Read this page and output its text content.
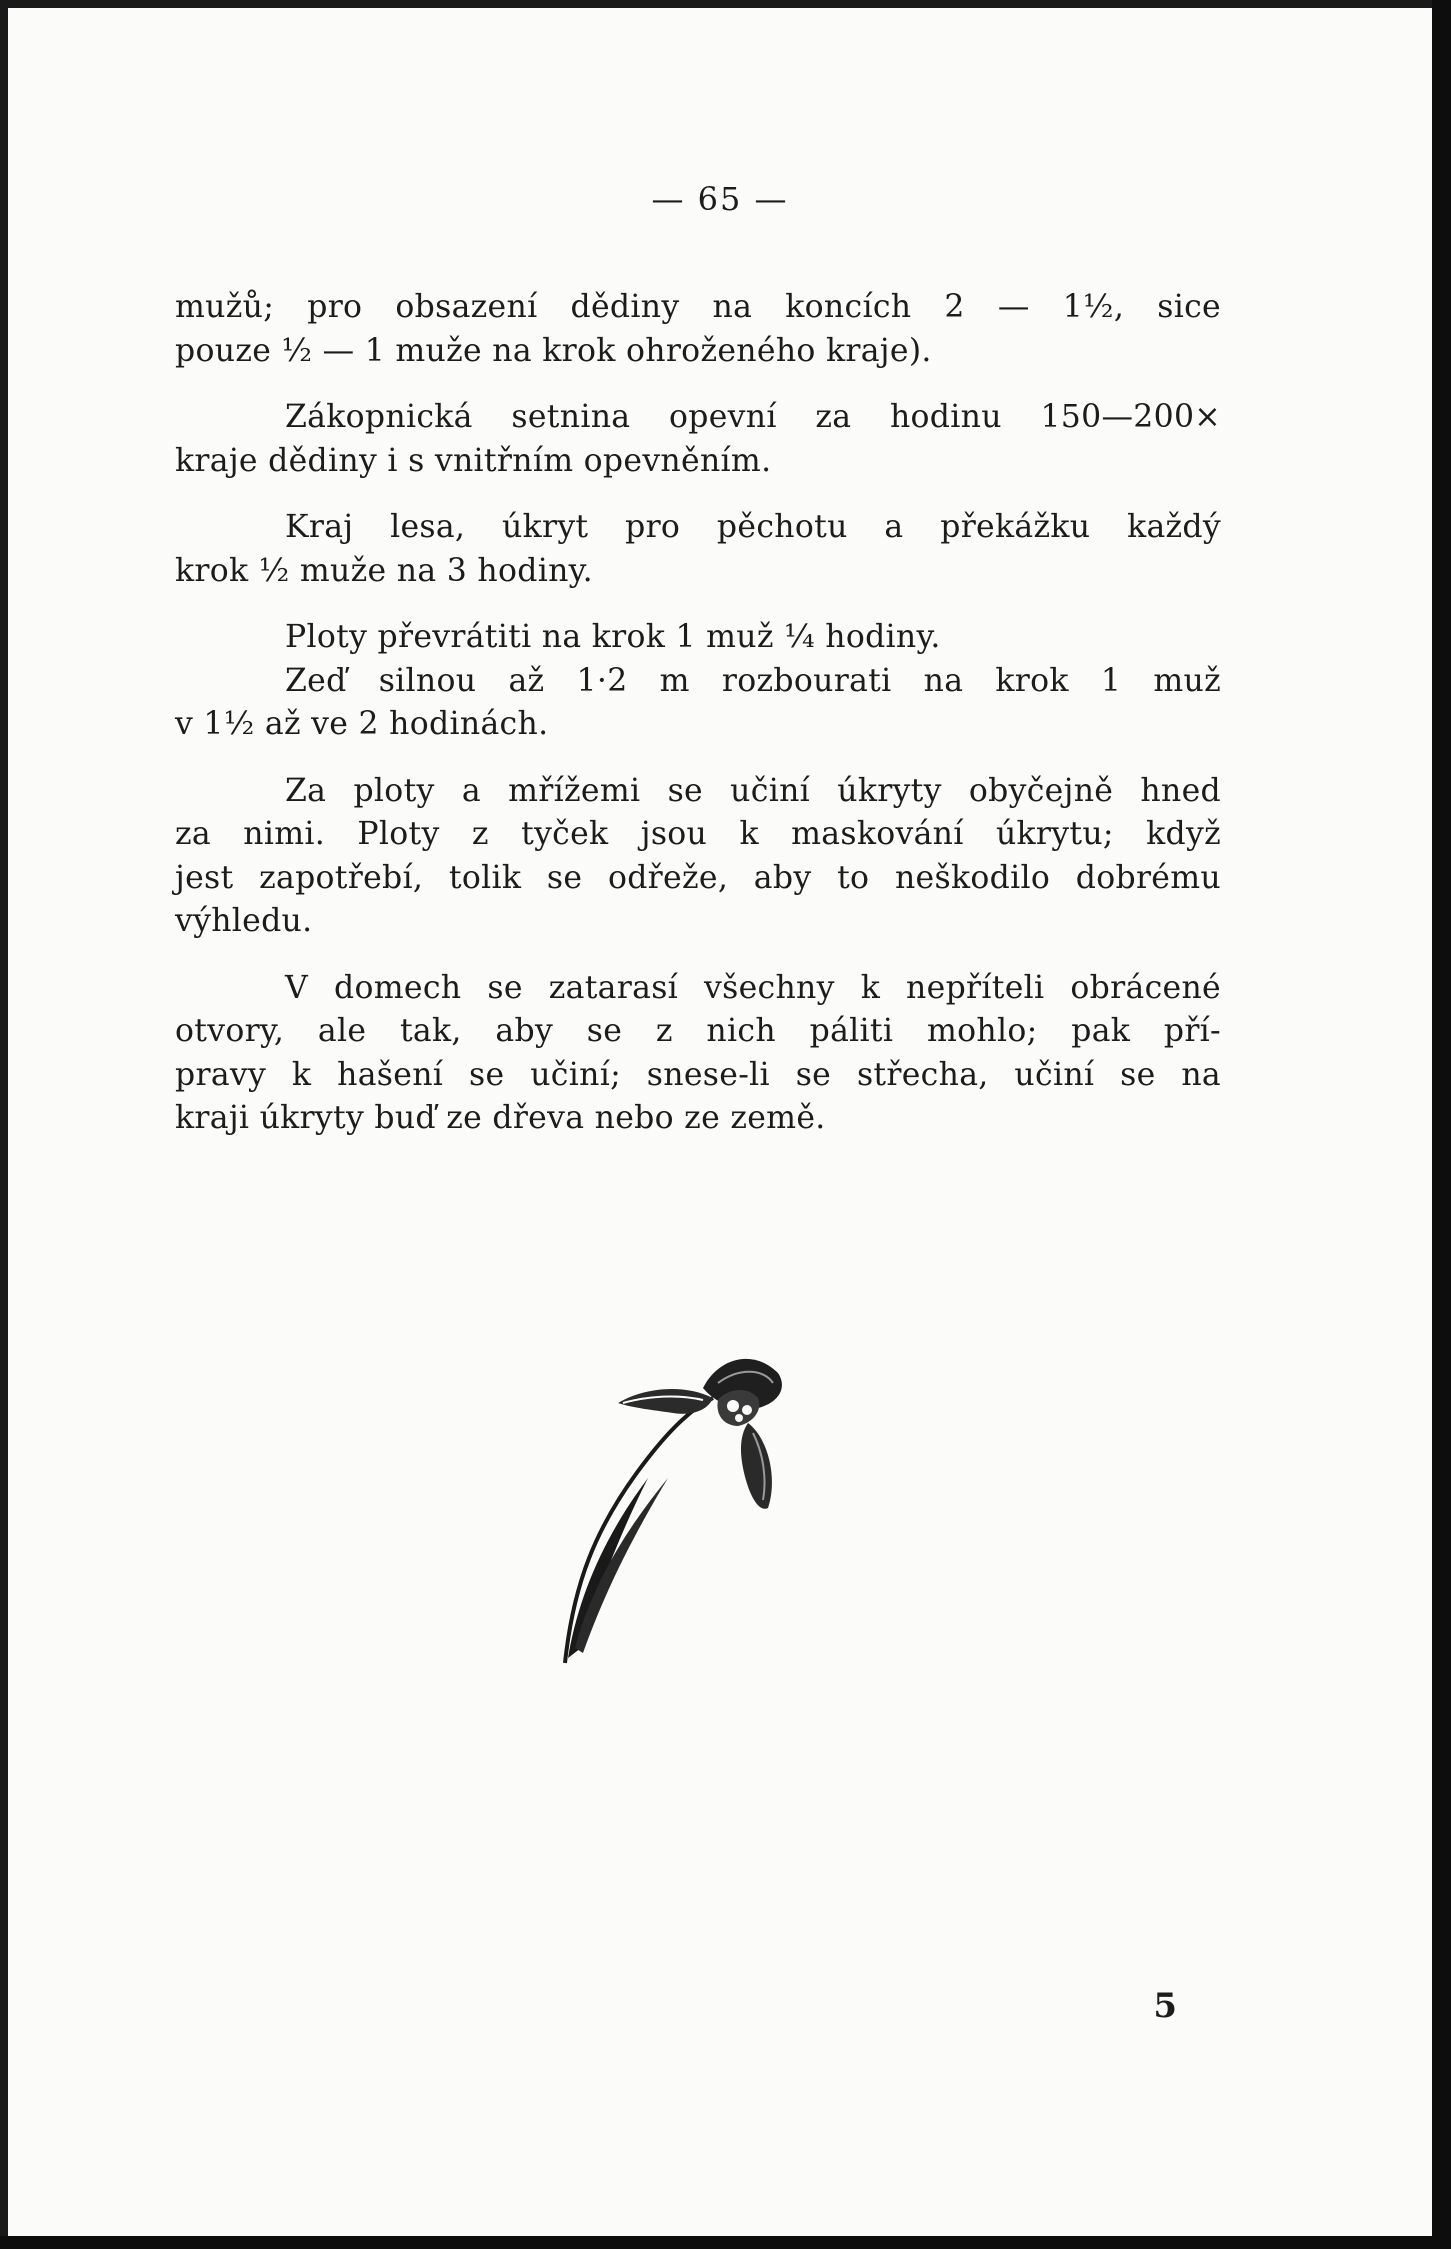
— 65 —

mužů; pro obsazení dědiny na koncích 2 — 1½, sice
pouze ½ — 1 muže na krok ohroženého kraje).

Zákopnická setnina opevní za hodinu 150—200×
kraje dědiny i s vnitřním opevněním.

Kraj lesa, úkryt pro pěchotu a překážku každý
krok ½ muže na 3 hodiny.

Ploty převrátiti na krok 1 muž ¼ hodiny.

Zeď silnou až 1·2 m rozbourati na krok 1 muž
v 1½ až ve 2 hodinách.

Za ploty a mřížemi se učiní úkryty obyčejně hned
za nimi. Ploty z tyček jsou k maskování úkrytu; když
jest zapotřebí, tolik se odřeže, aby to neškodilo dobrému
výhledu.

V domech se zatarasí všechny k nepříteli obrácené
otvory, ale tak, aby se z nich páliti mohlo; pak pří-
pravy k hašení se učiní; snese-li se střecha, učiní se na
kraji úkryty buď ze dřeva nebo ze země.

5
